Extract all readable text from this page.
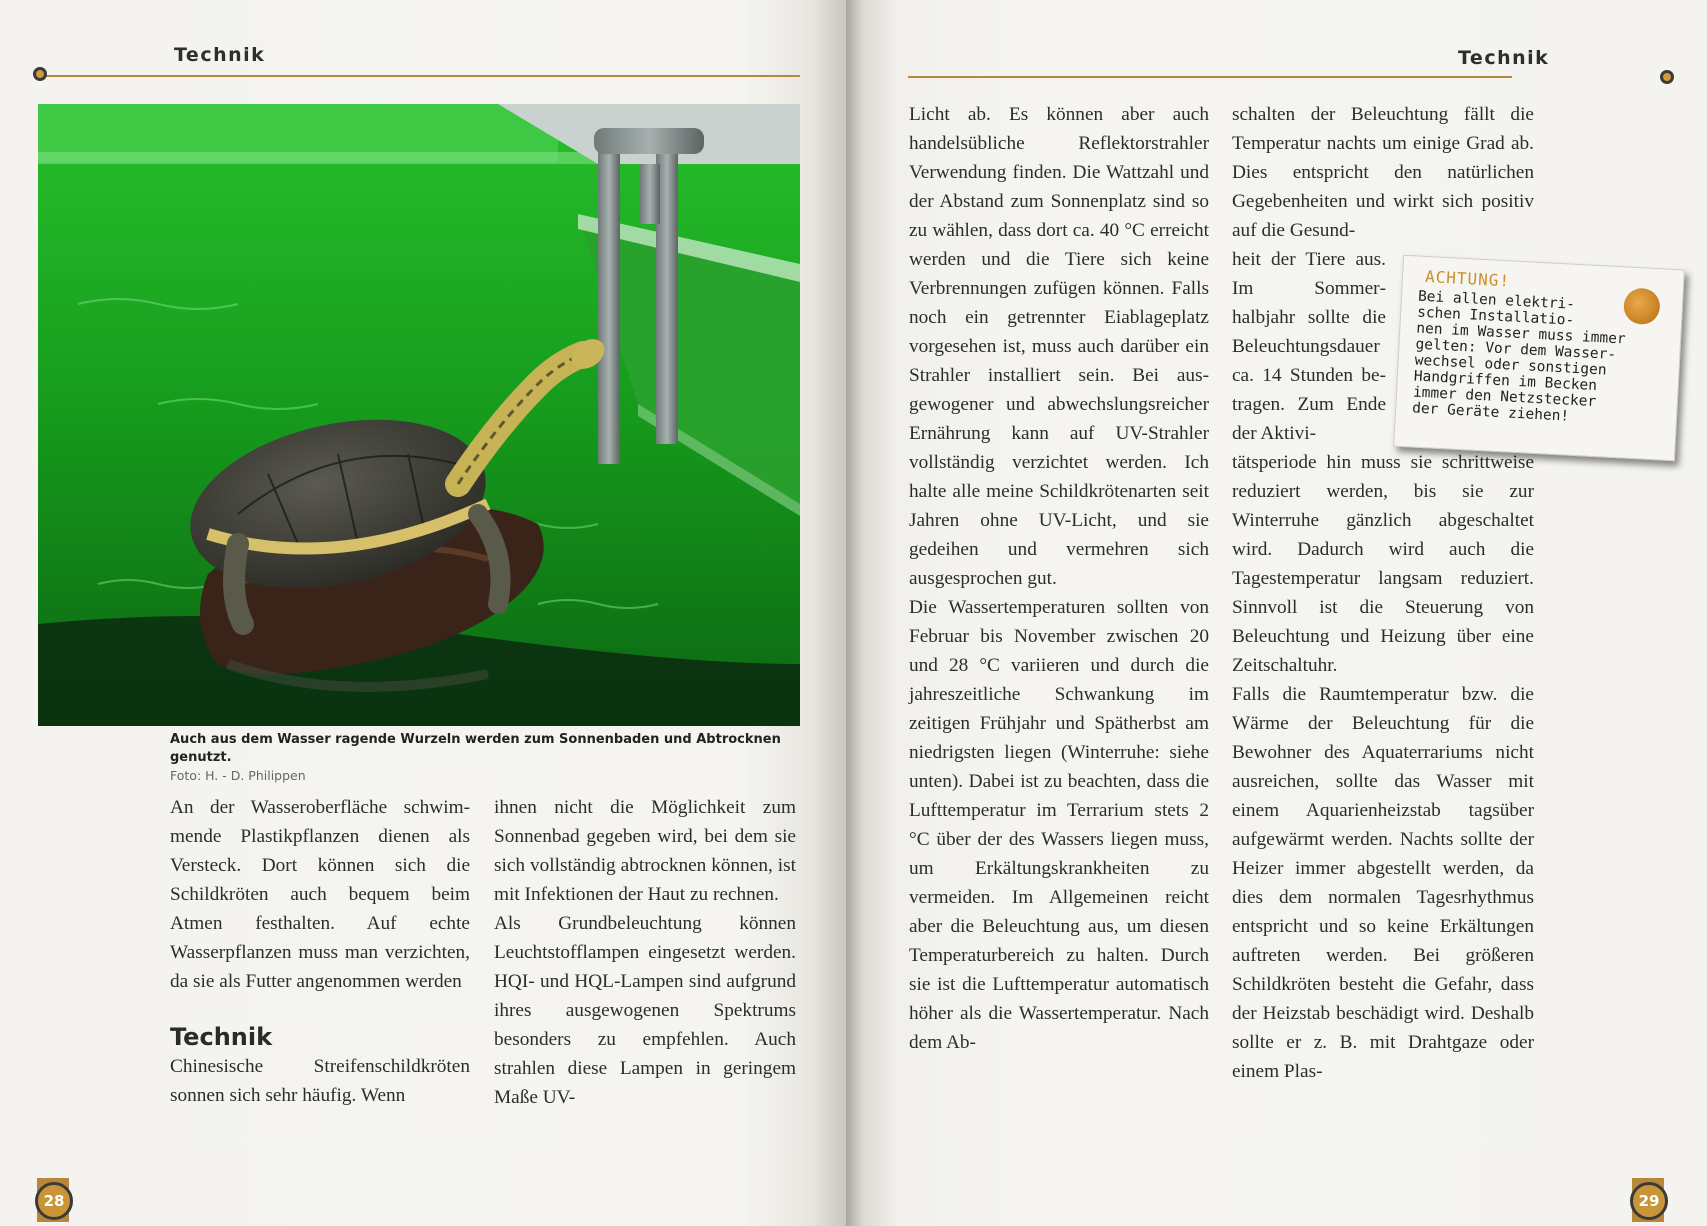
Technik

Auch aus dem Wasser ragende Wurzeln werden zum Sonnenbaden und Abtrocknen genutzt.

Foto: H. - D. Philippen

An der Wasseroberfläche schwimmende Plastikpflanzen dienen als Versteck. Dort können sich die Schildkröten auch bequem beim Atmen festhalten. Auf echte Wasserpflanzen muss man verzichten, da sie als Futter angenommen werden

Technik

Chinesische Streifenschildkröten sonnen sich sehr häufig. Wenn

ihnen nicht die Möglichkeit zum Sonnenbad gegeben wird, bei dem sie sich vollständig abtrocknen können, ist mit Infektionen der Haut zu rechnen.

Als Grundbeleuchtung können Leuchtstofflampen eingesetzt werden. HQI- und HQL-Lampen sind aufgrund ihres ausgewogenen Spektrums besonders zu empfehlen. Auch strahlen diese Lampen in geringem Maße UV-

28
Technik
29

Licht ab. Es können aber auch handelsübliche Reflektorstrahler Verwendung finden. Die Wattzahl und der Abstand zum Sonnenplatz sind so zu wählen, dass dort ca. 40 °C erreicht werden und die Tiere sich keine Verbrennungen zufügen können. Falls noch ein getrennter Eiablageplatz vorgesehen ist, muss auch darüber ein Strahler installiert sein. Bei ausgewogener und abwechslungsreicher Ernährung kann auf UV-Strahler vollständig verzichtet werden. Ich halte alle meine Schildkrötenarten seit Jahren ohne UV-Licht, und sie gedeihen und vermehren sich ausgesprochen gut.

Die Wassertemperaturen sollten von Februar bis November zwischen 20 und 28 °C variieren und durch die jahreszeitliche Schwankung im zeitigen Frühjahr und Spätherbst am niedrigsten liegen (Winterruhe: siehe unten). Dabei ist zu beachten, dass die Lufttemperatur im Terrarium stets 2 °C über der des Wassers liegen muss, um Erkältungskrankheiten zu vermeiden. Im Allgemeinen reicht aber die Beleuchtung aus, um diesen Temperaturbereich zu halten. Durch sie ist die Lufttemperatur automatisch höher als die Wassertemperatur. Nach dem Ab-

schalten der Beleuchtung fällt die Temperatur nachts um einige Grad ab. Dies entspricht den natürlichen Gegebenheiten und wirkt sich positiv auf die Gesund-

heit der Tiere aus. Im Sommerhalbjahr sollte die Beleuchtungsdauer ca. 14 Stunden betragen. Zum Ende der Aktivi-

tätsperiode hin muss sie schrittweise reduziert werden, bis sie zur Winterruhe gänzlich abgeschaltet wird. Dadurch wird auch die Tagestemperatur langsam reduziert. Sinnvoll ist die Steuerung von Beleuchtung und Heizung über eine Zeitschaltuhr.

Falls die Raumtemperatur bzw. die Wärme der Beleuchtung für die Bewohner des Aquaterrariums nicht ausreichen, sollte das Wasser mit einem Aquarienheizstab tagsüber aufgewärmt werden. Nachts sollte der Heizer immer abgestellt werden, da dies dem normalen Tagesrhythmus entspricht und so keine Erkältungen auftreten werden. Bei größeren Schildkröten besteht die Gefahr, dass der Heizstab beschädigt wird. Deshalb sollte er z. B. mit Drahtgaze oder einem Plas-

ACHTUNG!
Bei allen elektri-
schen Installatio-
nen im Wasser muss immer
gelten: Vor dem Wasser-
wechsel oder sonstigen
Handgriffen im Becken
immer den Netzstecker
der Geräte ziehen!
